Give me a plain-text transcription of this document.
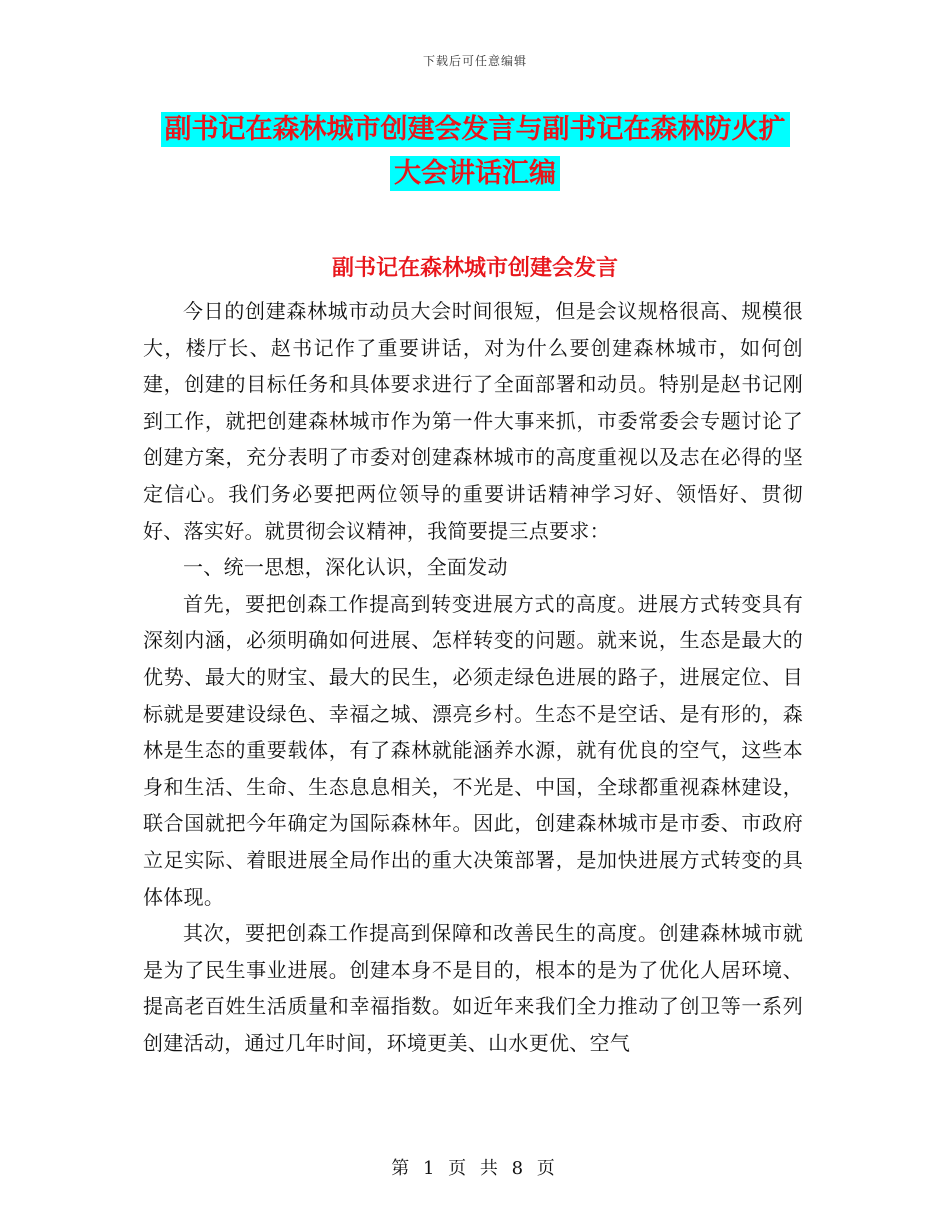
下载后可任意编辑
副书记在森林城市创建会发言与副书记在森林防火扩
大会讲话汇编
副书记在森林城市创建会发言

今日的创建森林城市动员大会时间很短，但是会议规格很高、规模很大，楼厅长、赵书记作了重要讲话，对为什么要创建森林城市，如何创建，创建的目标任务和具体要求进行了全面部署和动员。特别是赵书记刚到工作，就把创建森林城市作为第一件大事来抓，市委常委会专题讨论了创建方案，充分表明了市委对创建森林城市的高度重视以及志在必得的坚定信心。我们务必要把两位领导的重要讲话精神学习好、领悟好、贯彻好、落实好。就贯彻会议精神，我简要提三点要求：

一、统一思想，深化认识，全面发动

首先，要把创森工作提高到转变进展方式的高度。进展方式转变具有深刻内涵，必须明确如何进展、怎样转变的问题。就来说，生态是最大的优势、最大的财宝、最大的民生，必须走绿色进展的路子，进展定位、目标就是要建设绿色、幸福之城、漂亮乡村。生态不是空话、是有形的，森林是生态的重要载体，有了森林就能涵养水源，就有优良的空气，这些本身和生活、生命、生态息息相关，不光是、中国，全球都重视森林建设，联合国就把今年确定为国际森林年。因此，创建森林城市是市委、市政府立足实际、着眼进展全局作出的重大决策部署，是加快进展方式转变的具体体现。

其次，要把创森工作提高到保障和改善民生的高度。创建森林城市就是为了民生事业进展。创建本身不是目的，根本的是为了优化人居环境、提高老百姓生活质量和幸福指数。如近年来我们全力推动了创卫等一系列创建活动，通过几年时间，环境更美、山水更优、空气

第 1 页 共 8 页
